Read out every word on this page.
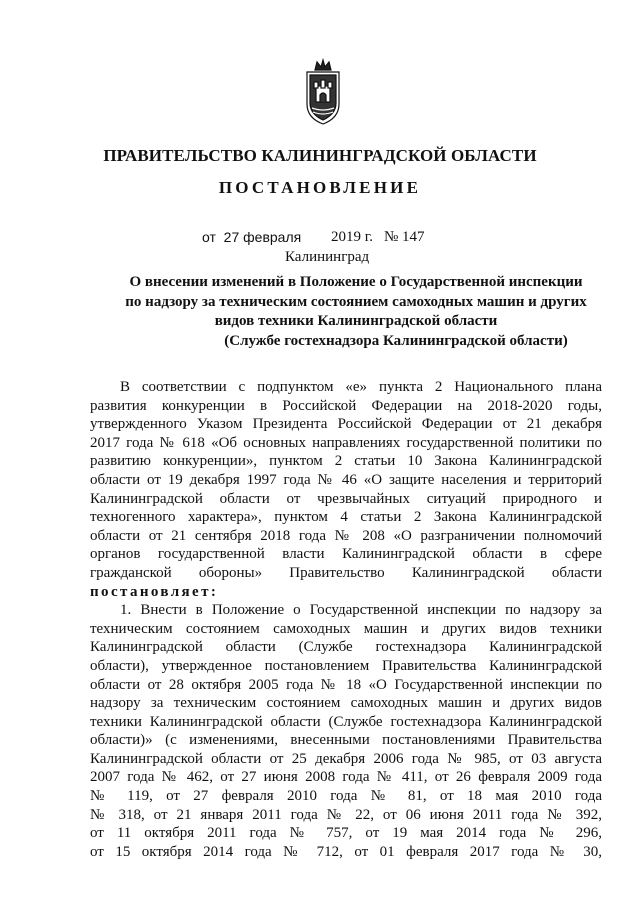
ПРАВИТЕЛЬСТВО КАЛИНИНГРАДСКОЙ ОБЛАСТИ
ПОСТАНОВЛЕНИЕ
от 27 февраля 2019 г. № 147
Калининград
О внесении изменений в Положение о Государственной инспекции
по надзору за техническим состоянием самоходных машин и других
видов техники Калининградской области
(Службе гостехнадзора Калининградской области)
В соответствии с подпунктом «е» пункта 2 Национального плана
развития конкуренции в Российской Федерации на 2018-2020 годы,
утвержденного Указом Президента Российской Федерации от 21 декабря
2017 года № 618 «Об основных направлениях государственной политики по
развитию конкуренции», пунктом 2 статьи 10 Закона Калининградской
области от 19 декабря 1997 года № 46 «О защите населения и территорий
Калининградской области от чрезвычайных ситуаций природного и
техногенного характера», пунктом 4 статьи 2 Закона Калининградской
области от 21 сентября 2018 года № 208 «О разграничении полномочий
органов государственной власти Калининградской области в сфере
гражданской обороны» Правительство Калининградской области
постановляет:
1. Внести в Положение о Государственной инспекции по надзору за
техническим состоянием самоходных машин и других видов техники
Калининградской области (Службе гостехнадзора Калининградской
области), утвержденное постановлением Правительства Калининградской
области от 28 октября 2005 года № 18 «О Государственной инспекции по
надзору за техническим состоянием самоходных машин и других видов
техники Калининградской области (Службе гостехнадзора Калининградской
области)» (с изменениями, внесенными постановлениями Правительства
Калининградской области от 25 декабря 2006 года № 985, от 03 августа
2007 года № 462, от 27 июня 2008 года № 411, от 26 февраля 2009 года
№ 119, от 27 февраля 2010 года № 81, от 18 мая 2010 года
№ 318, от 21 января 2011 года № 22, от 06 июня 2011 года № 392,
от 11 октября 2011 года № 757, от 19 мая 2014 года № 296,
от 15 октября 2014 года № 712, от 01 февраля 2017 года № 30,
